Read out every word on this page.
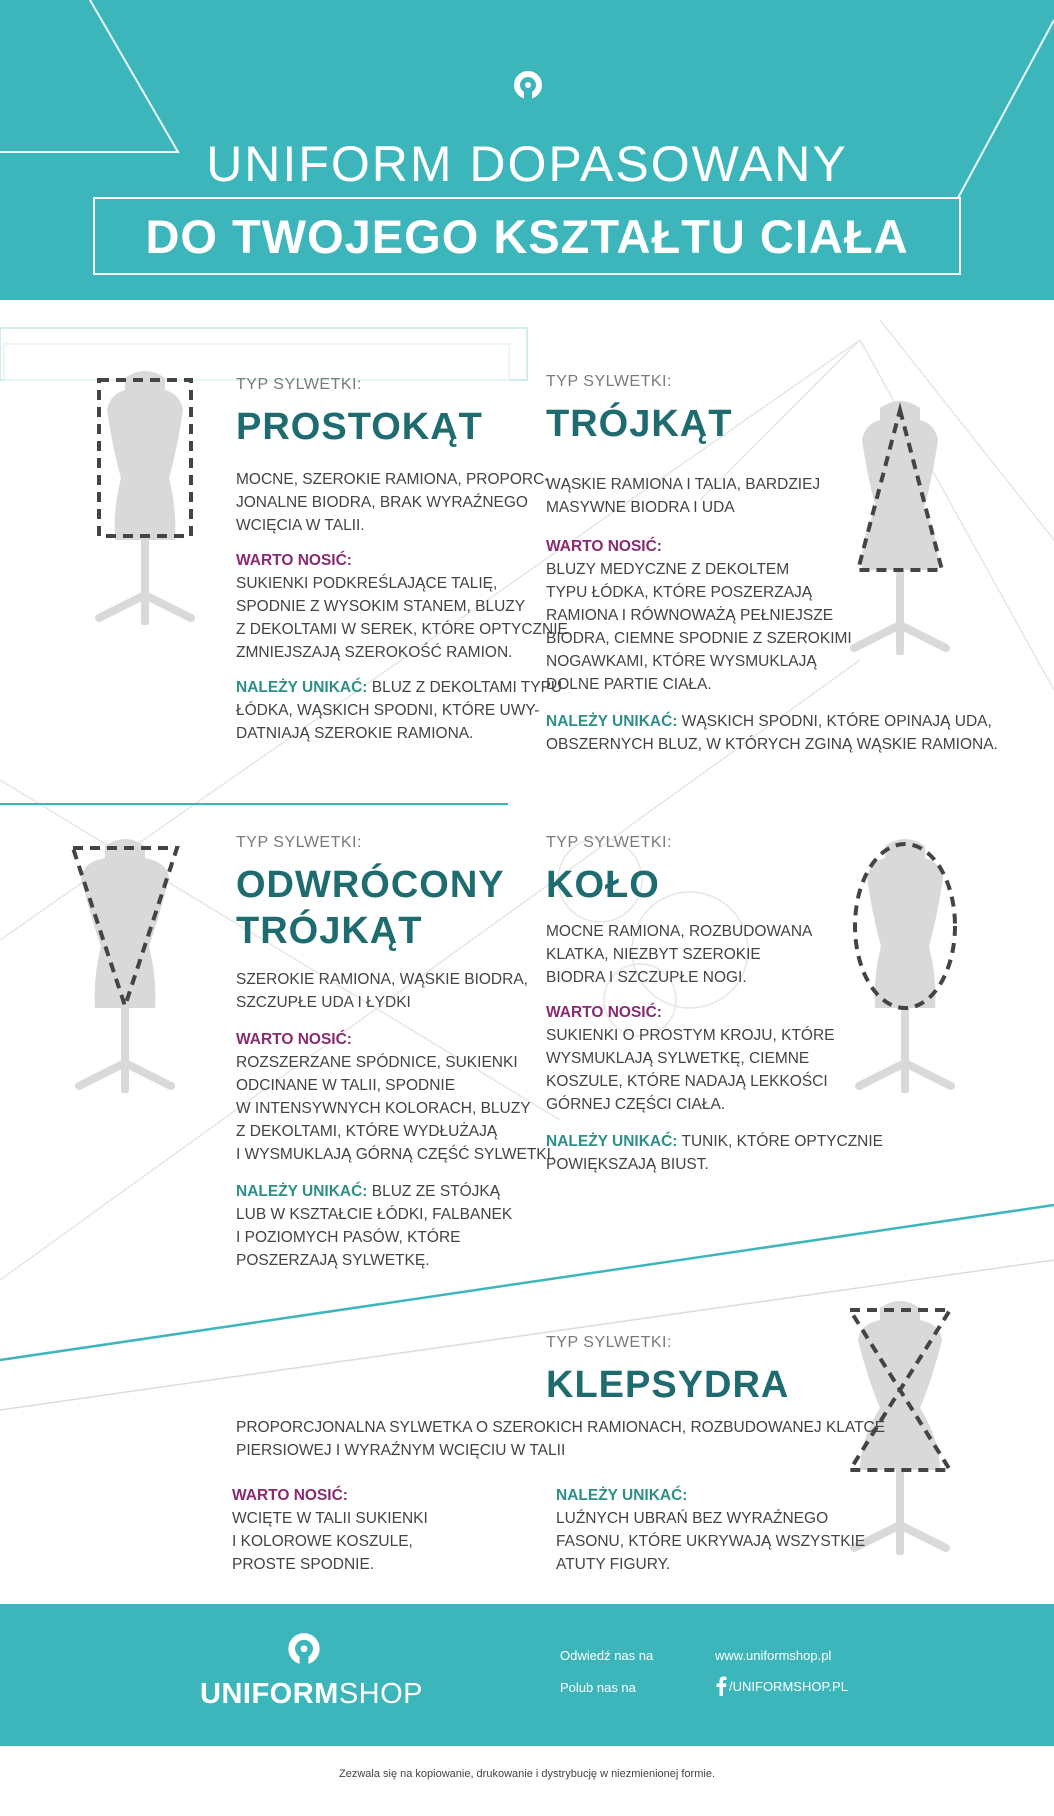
UNIFORM DOPASOWANY
DO TWOJEGO KSZTAŁTU CIAŁA
TYP SYLWETKI:
PROSTOKĄT
MOCNE, SZEROKIE RAMIONA, PROPORC-
JONALNE BIODRA, BRAK WYRAŹNEGO
WCIĘCIA W TALII.
WARTO NOSIĆ:
SUKIENKI PODKREŚLAJĄCE TALIĘ,
SPODNIE Z WYSOKIM STANEM, BLUZY
Z DEKOLTAMI W SEREK, KTÓRE OPTYCZNIE
ZMNIEJSZAJĄ SZEROKOŚĆ RAMION.
NALEŻY UNIKAĆ: BLUZ Z DEKOLTAMI TYPU
ŁÓDKA, WĄSKICH SPODNI, KTÓRE UWY-
DATNIAJĄ SZEROKIE RAMIONA.
TYP SYLWETKI:
TRÓJKĄT
WĄSKIE RAMIONA I TALIA, BARDZIEJ
MASYWNE BIODRA I UDA
WARTO NOSIĆ:
BLUZY MEDYCZNE Z DEKOLTEM
TYPU ŁÓDKA, KTÓRE POSZERZAJĄ
RAMIONA I RÓWNOWAŻĄ PEŁNIEJSZE
BIODRA, CIEMNE SPODNIE Z SZEROKIMI
NOGAWKAMI, KTÓRE WYSMUKLAJĄ
DOLNE PARTIE CIAŁA.
NALEŻY UNIKAĆ: WĄSKICH SPODNI, KTÓRE OPINAJĄ UDA,
OBSZERNYCH BLUZ, W KTÓRYCH ZGINĄ WĄSKIE RAMIONA.
TYP SYLWETKI:
ODWRÓCONY
TRÓJKĄT
SZEROKIE RAMIONA, WĄSKIE BIODRA,
SZCZUPŁE UDA I ŁYDKI
WARTO NOSIĆ:
ROZSZERZANE SPÓDNICE, SUKIENKI
ODCINANE W TALII, SPODNIE
W INTENSYWNYCH KOLORACH, BLUZY
Z DEKOLTAMI, KTÓRE WYDŁUŻAJĄ
I WYSMUKLAJĄ GÓRNĄ CZĘŚĆ SYLWETKI.
NALEŻY UNIKAĆ: BLUZ ZE STÓJKĄ
LUB W KSZTAŁCIE ŁÓDKI, FALBANEK
I POZIOMYCH PASÓW, KTÓRE
POSZERZAJĄ SYLWETKĘ.
TYP SYLWETKI:
KOŁO
MOCNE RAMIONA, ROZBUDOWANA
KLATKA, NIEZBYT SZEROKIE
BIODRA I SZCZUPŁE NOGI.
WARTO NOSIĆ:
SUKIENKI O PROSTYM KROJU, KTÓRE
WYSMUKLAJĄ SYLWETKĘ, CIEMNE
KOSZULE, KTÓRE NADAJĄ LEKKOŚCI
GÓRNEJ CZĘŚCI CIAŁA.
NALEŻY UNIKAĆ: TUNIK, KTÓRE OPTYCZNIE
POWIĘKSZAJĄ BIUST.
TYP SYLWETKI:
KLEPSYDRA
PROPORCJONALNA SYLWETKA O SZEROKICH RAMIONACH, ROZBUDOWANEJ KLATCE
PIERSIOWEJ I WYRAŹNYM WCIĘCIU W TALII
WARTO NOSIĆ:
WCIĘTE W TALII SUKIENKI
I KOLOROWE KOSZULE,
PROSTE SPODNIE.
NALEŻY UNIKAĆ:
LUŹNYCH UBRAŃ BEZ WYRAŹNEGO
FASONU, KTÓRE UKRYWAJĄ WSZYSTKIE
ATUTY FIGURY.
UNIFORMSHOP
Odwiedź nas na	www.uniformshop.pl
Polub nas na	/UNIFORMSHOP.PL
Zezwala się na kopiowanie, drukowanie i dystrybucję w niezmienionej formie.
